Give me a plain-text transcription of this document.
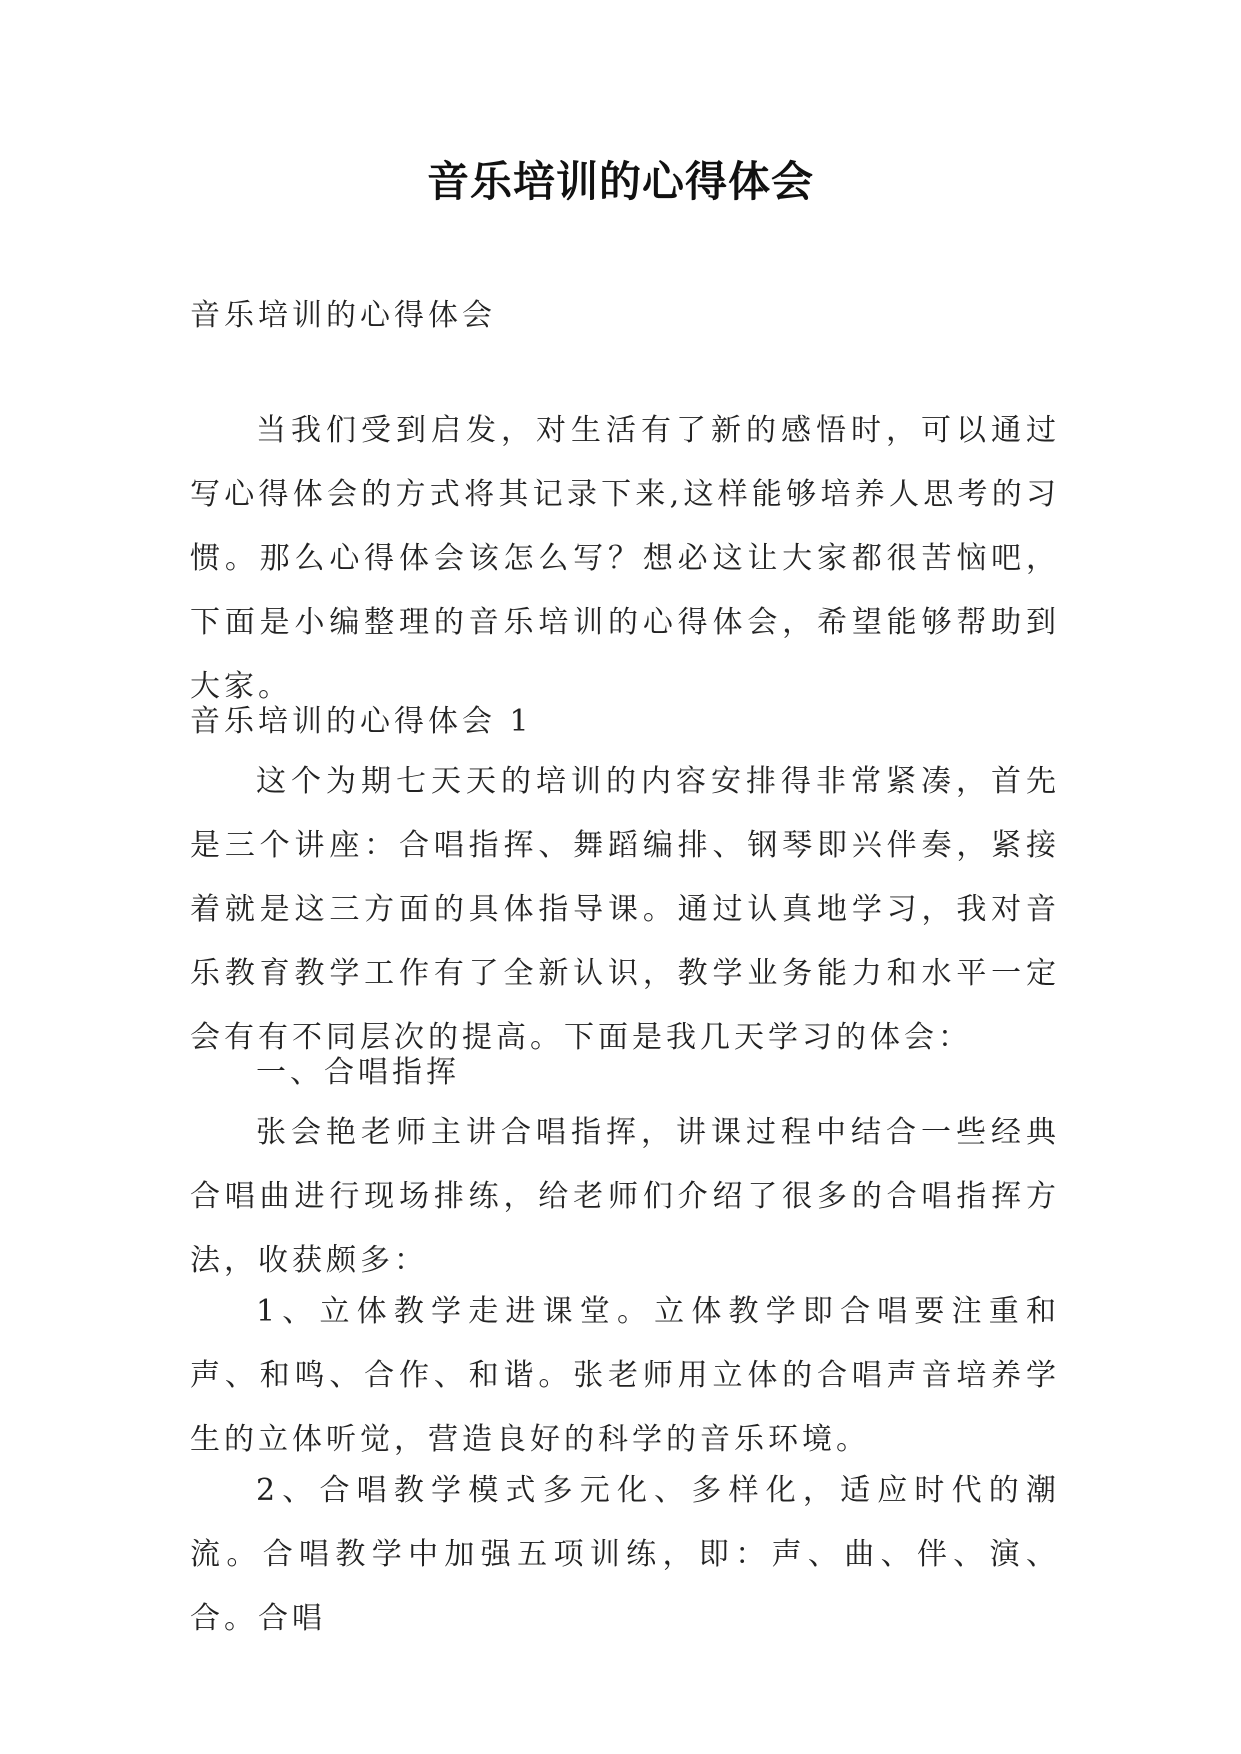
音乐培训的心得体会

音乐培训的心得体会

当我们受到启发，对生活有了新的感悟时，可以通过写心得体会的方式将其记录下来,这样能够培养人思考的习惯。那么心得体会该怎么写？想必这让大家都很苦恼吧，下面是小编整理的音乐培训的心得体会，希望能够帮助到大家。

音乐培训的心得体会 1

这个为期七天天的培训的内容安排得非常紧凑，首先是三个讲座：合唱指挥、舞蹈编排、钢琴即兴伴奏，紧接着就是这三方面的具体指导课。通过认真地学习，我对音乐教育教学工作有了全新认识，教学业务能力和水平一定会有有不同层次的提高。下面是我几天学习的体会：

一、合唱指挥

张会艳老师主讲合唱指挥，讲课过程中结合一些经典合唱曲进行现场排练，给老师们介绍了很多的合唱指挥方法，收获颇多：

1、立体教学走进课堂。立体教学即合唱要注重和声、和鸣、合作、和谐。张老师用立体的合唱声音培养学生的立体听觉，营造良好的科学的音乐环境。

2、合唱教学模式多元化、多样化，适应时代的潮流。合唱教学中加强五项训练，即：声、曲、伴、演、合。合唱
